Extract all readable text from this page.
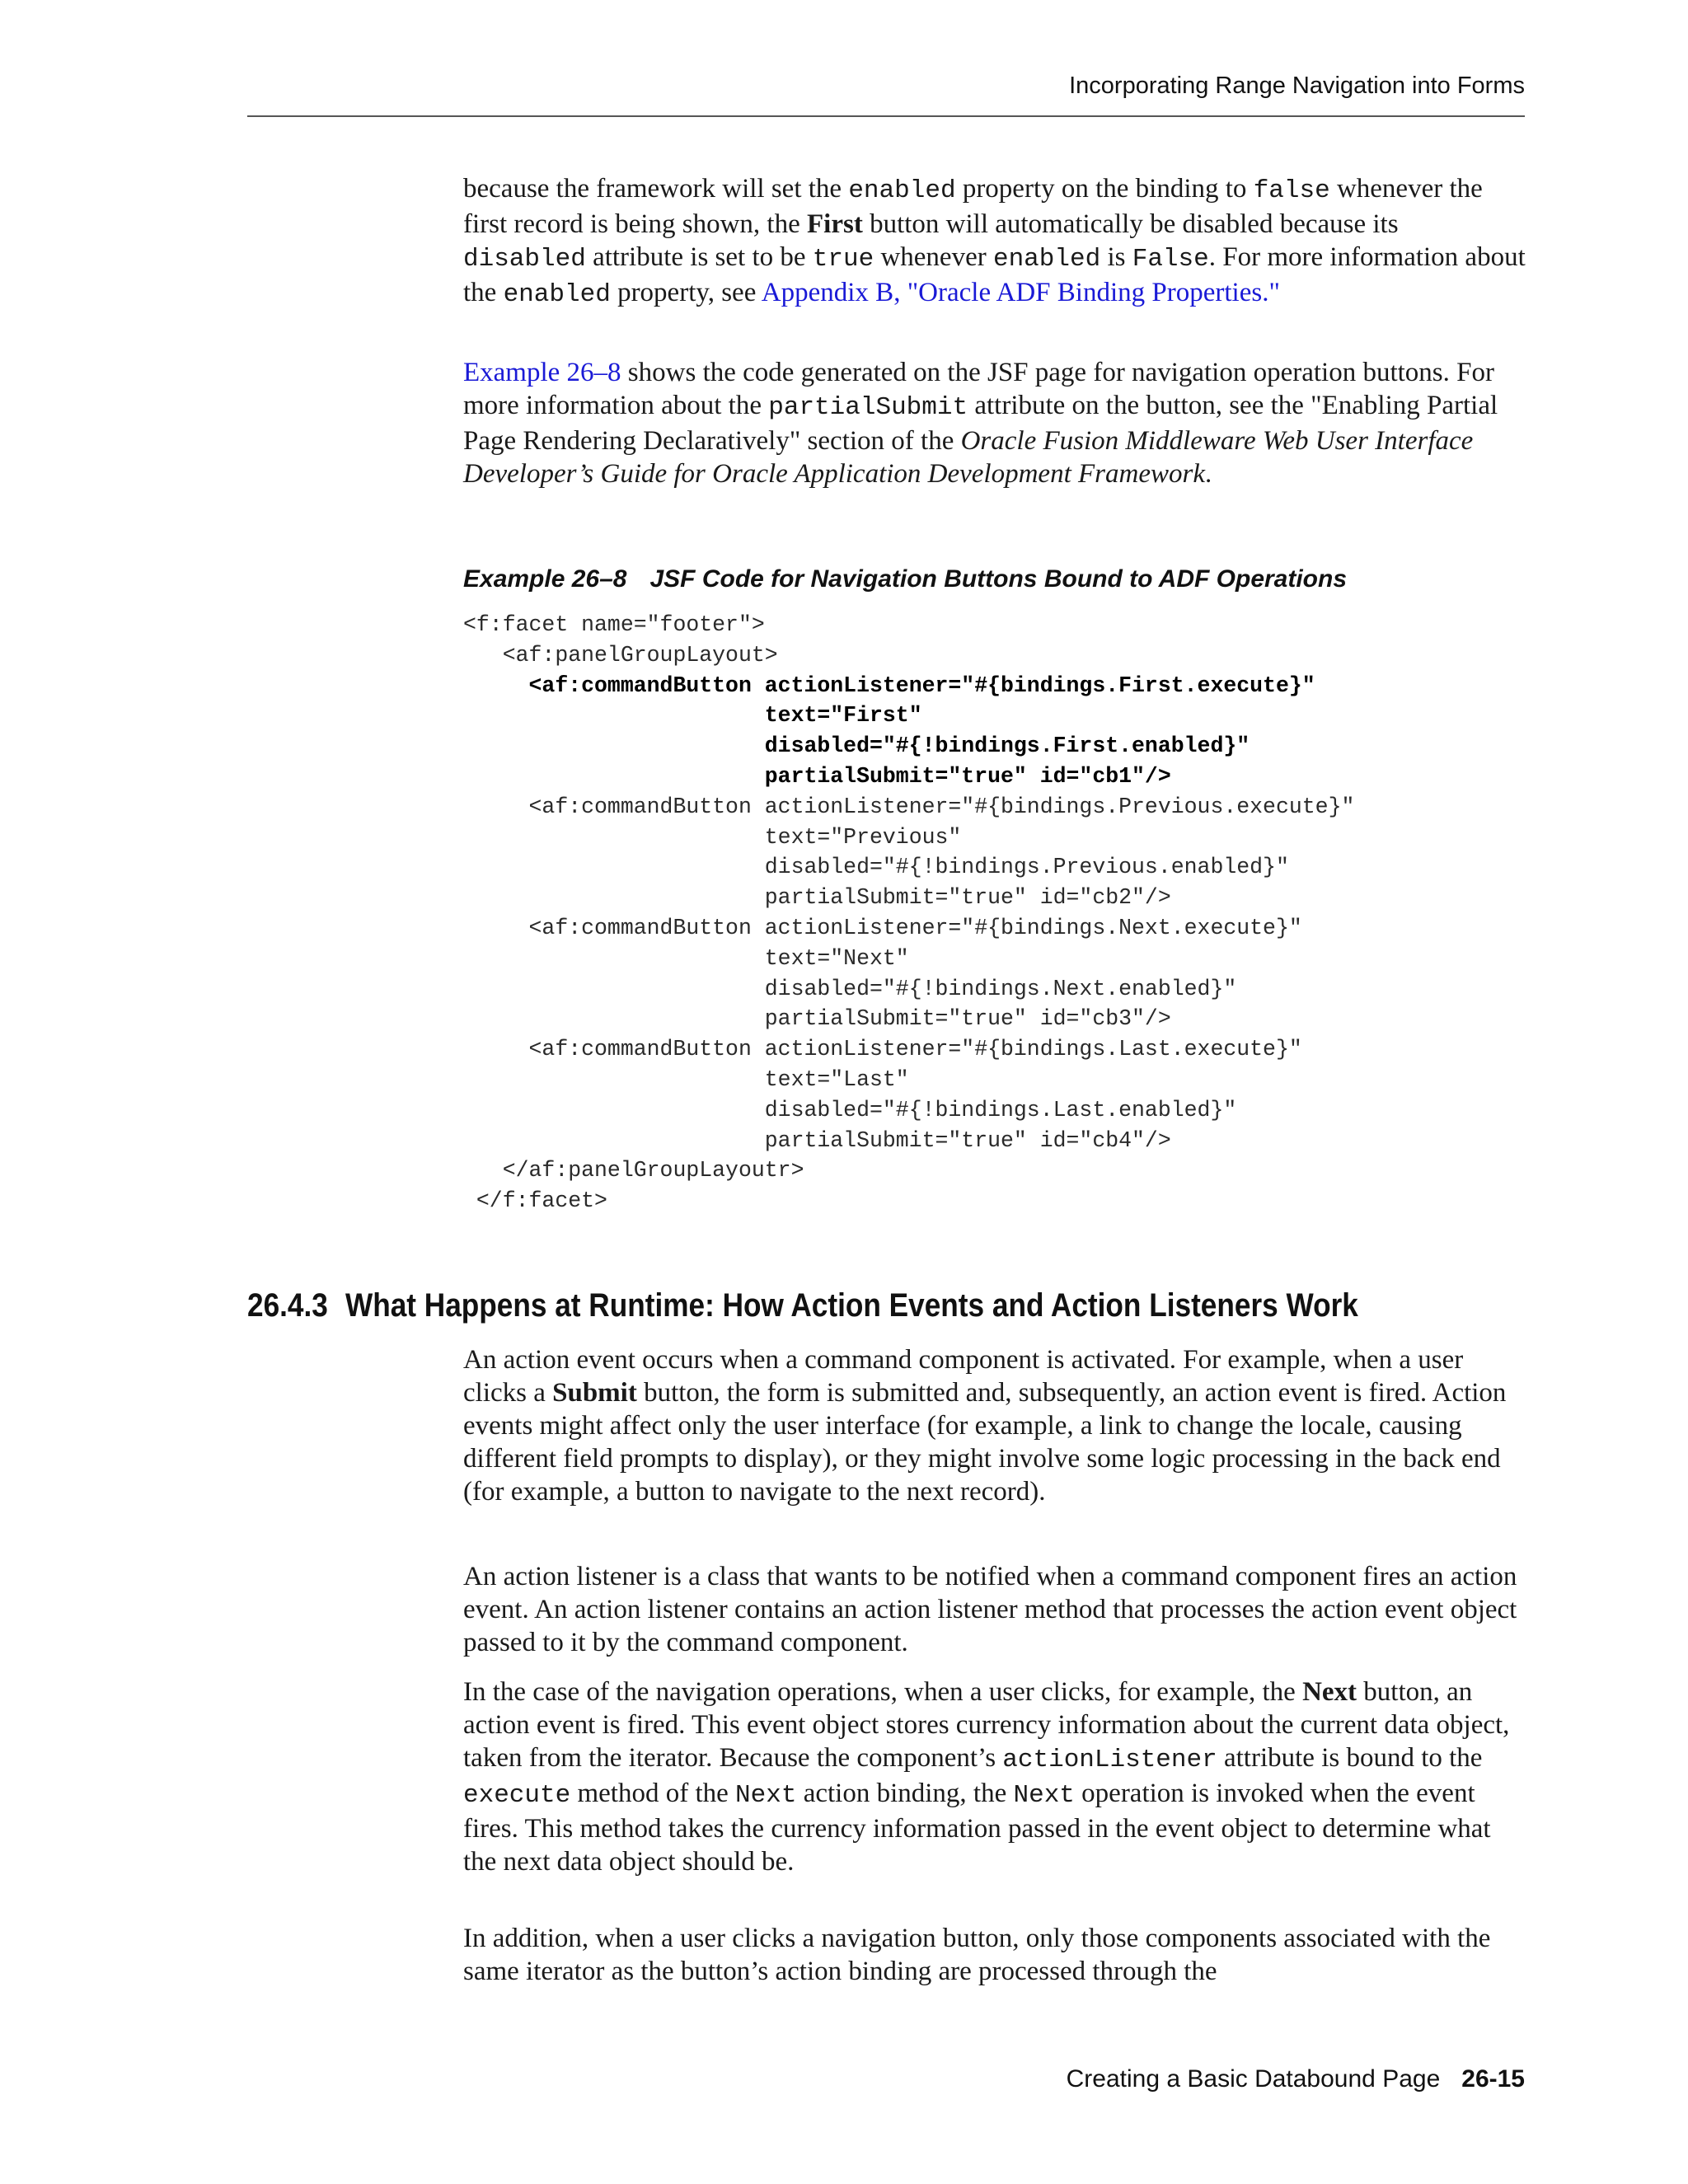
Incorporating Range Navigation into Forms

because the framework will set the enabled property on the binding to false whenever the first record is being shown, the First button will automatically be disabled because its disabled attribute is set to be true whenever enabled is False. For more information about the enabled property, see Appendix B, "Oracle ADF Binding Properties."

Example 26–8 shows the code generated on the JSF page for navigation operation buttons. For more information about the partialSubmit attribute on the button, see the "Enabling Partial Page Rendering Declaratively" section of the Oracle Fusion Middleware Web User Interface Developer’s Guide for Oracle Application Development Framework.

Example 26–8 JSF Code for Navigation Buttons Bound to ADF Operations
<f:facet name="footer">
<af:panelGroupLayout>
<af:commandButton actionListener="#{bindings.First.execute}"
text="First"
disabled="#{!bindings.First.enabled}"
partialSubmit="true" id="cb1"/>
<af:commandButton actionListener="#{bindings.Previous.execute}"
text="Previous"
disabled="#{!bindings.Previous.enabled}"
partialSubmit="true" id="cb2"/>
<af:commandButton actionListener="#{bindings.Next.execute}"
text="Next"
disabled="#{!bindings.Next.enabled}"
partialSubmit="true" id="cb3"/>
<af:commandButton actionListener="#{bindings.Last.execute}"
text="Last"
disabled="#{!bindings.Last.enabled}"
partialSubmit="true" id="cb4"/>
</af:panelGroupLayoutr>
</f:facet>
26.4.3 What Happens at Runtime: How Action Events and Action Listeners Work

An action event occurs when a command component is activated. For example, when a user clicks a Submit button, the form is submitted and, subsequently, an action event is fired. Action events might affect only the user interface (for example, a link to change the locale, causing different field prompts to display), or they might involve some logic processing in the back end (for example, a button to navigate to the next record).

An action listener is a class that wants to be notified when a command component fires an action event. An action listener contains an action listener method that processes the action event object passed to it by the command component.

In the case of the navigation operations, when a user clicks, for example, the Next button, an action event is fired. This event object stores currency information about the current data object, taken from the iterator. Because the component’s actionListener attribute is bound to the execute method of the Next action binding, the Next operation is invoked when the event fires. This method takes the currency information passed in the event object to determine what the next data object should be.

In addition, when a user clicks a navigation button, only those components associated with the same iterator as the button’s action binding are processed through the

Creating a Basic Databound Page 26-15
